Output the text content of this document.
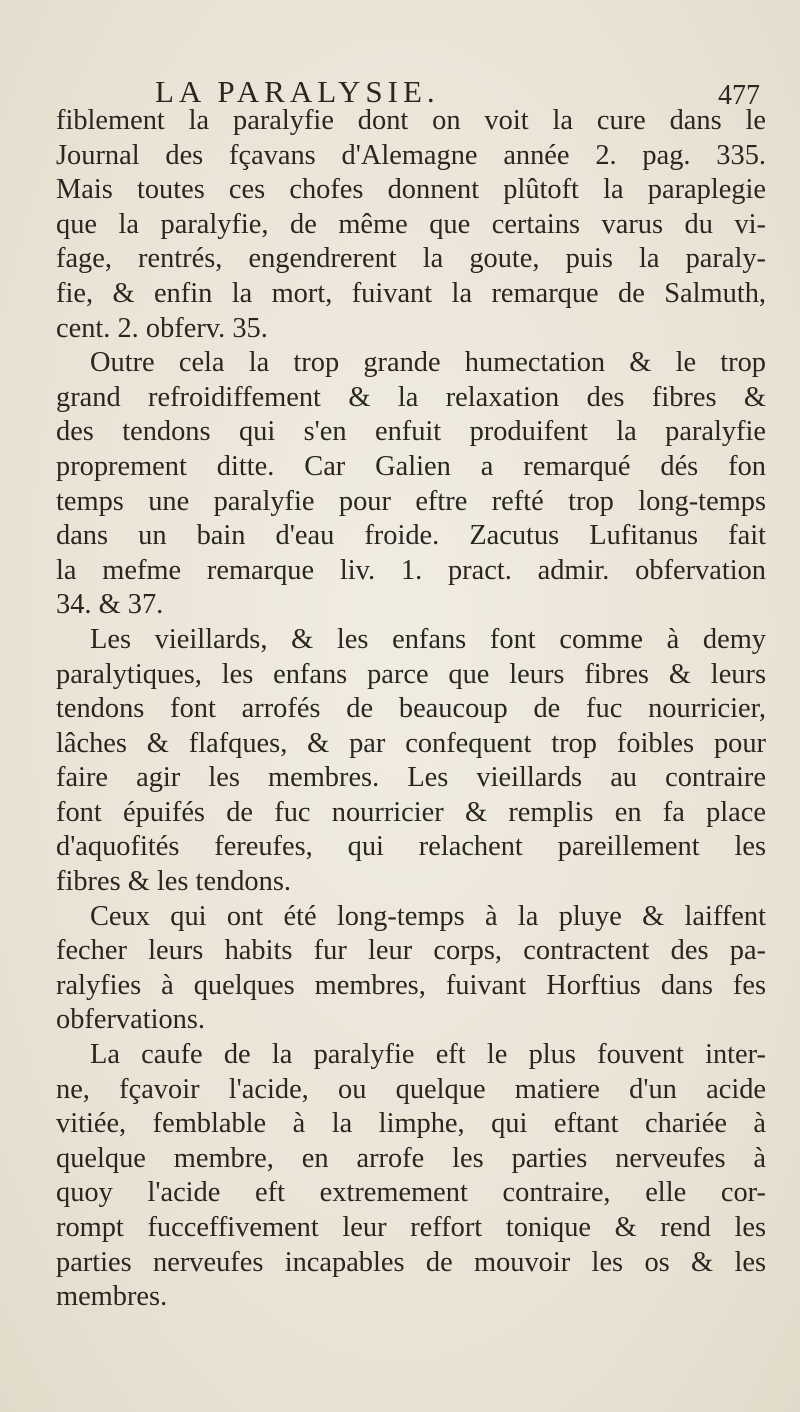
LA PARALYSIE.	477
fiblement la paralyfie dont on voit la cure dans le
Journal des fçavans d'Alemagne année 2. pag. 335.
Mais toutes ces chofes donnent plûtoft la paraplegie
que la paralyfie, de même que certains varus du vi-
fage, rentrés, engendrerent la goute, puis la paraly-
fie, & enfin la mort, fuivant la remarque de Salmuth,
cent. 2. obferv. 35.
Outre cela la trop grande humectation & le trop
grand refroidiffement & la relaxation des fibres &
des tendons qui s'en enfuit produifent la paralyfie
proprement ditte. Car Galien a remarqué dés fon
temps une paralyfie pour eftre refté trop long-temps
dans un bain d'eau froide. Zacutus Lufitanus fait
la mefme remarque liv. 1. pract. admir. obfervation
34. & 37.
Les vieillards, & les enfans font comme à demy
paralytiques, les enfans parce que leurs fibres & leurs
tendons font arrofés de beaucoup de fuc nourricier,
lâches & flafques, & par confequent trop foibles pour
faire agir les membres. Les vieillards au contraire
font épuifés de fuc nourricier & remplis en fa place
d'aquofités fereufes, qui relachent pareillement les
fibres & les tendons.
Ceux qui ont été long-temps à la pluye & laiffent
fecher leurs habits fur leur corps, contractent des pa-
ralyfies à quelques membres, fuivant Horftius dans fes
obfervations.
La caufe de la paralyfie eft le plus fouvent inter-
ne, fçavoir l'acide, ou quelque matiere d'un acide
vitiée, femblable à la limphe, qui eftant chariée à
quelque membre, en arrofe les parties nerveufes à
quoy l'acide eft extremement contraire, elle cor-
rompt fucceffivement leur reffort tonique & rend les
parties nerveufes incapables de mouvoir les os & les
membres.
